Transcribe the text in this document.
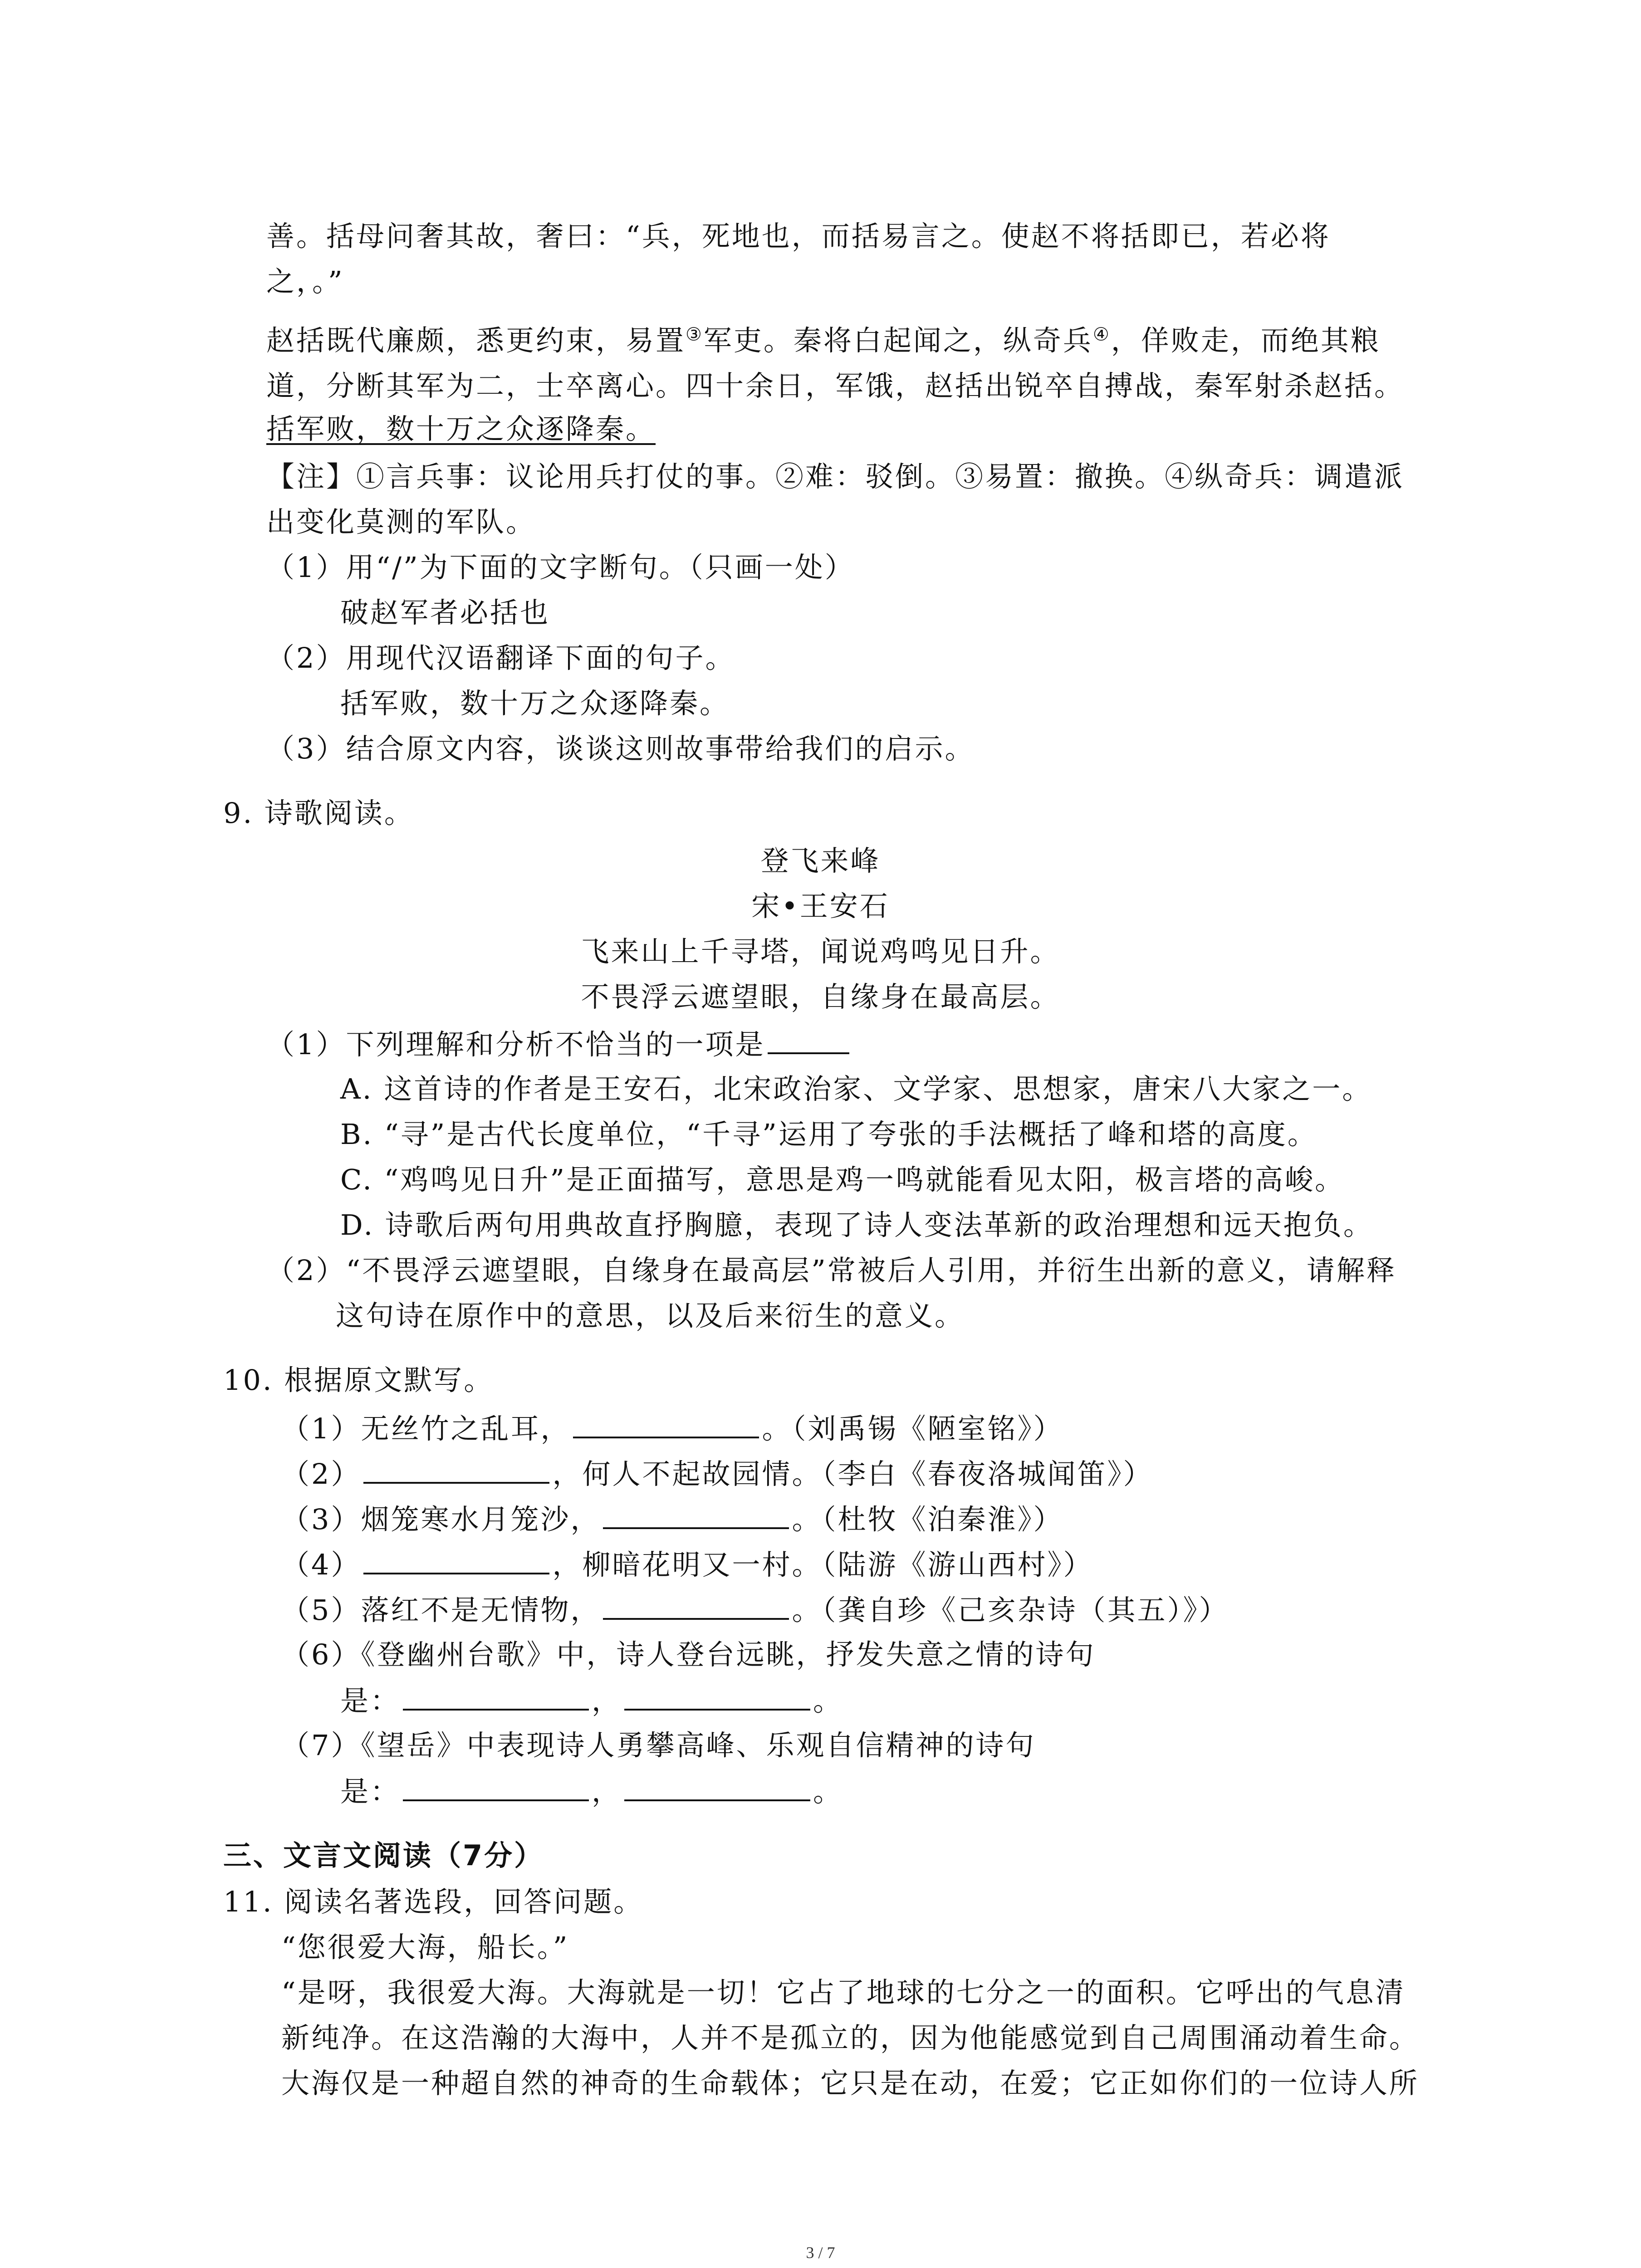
善。括母问奢其故，奢曰：“兵，死地也，而括易言之。使赵不将括即已，若必将
之，。”
赵括既代廉颇，悉更约束，易置③军吏。秦将白起闻之，纵奇兵④，佯败走，而绝其粮
道，分断其军为二，士卒离心。四十余日，军饿，赵括出锐卒自搏战，秦军射杀赵括。
括军败，数十万之众逐降秦。
【注】①言兵事：议论用兵打仗的事。②难：驳倒。③易置：撤换。④纵奇兵：调遣派
出变化莫测的军队。
（1）用“/”为下面的文字断句。（只画一处）
破赵军者必括也
（2）用现代汉语翻译下面的句子。
括军败，数十万之众逐降秦。
（3）结合原文内容，谈谈这则故事带给我们的启示。
9. 诗歌阅读。
登飞来峰
宋•王安石
飞来山上千寻塔，闻说鸡鸣见日升。
不畏浮云遮望眼，自缘身在最高层。
（1）下列理解和分析不恰当的一项是
A. 这首诗的作者是王安石，北宋政治家、文学家、思想家，唐宋八大家之一。
B. “寻”是古代长度单位，“千寻”运用了夸张的手法概括了峰和塔的高度。
C. “鸡鸣见日升”是正面描写，意思是鸡一鸣就能看见太阳，极言塔的高峻。
D. 诗歌后两句用典故直抒胸臆，表现了诗人变法革新的政治理想和远天抱负。
（2）“不畏浮云遮望眼，自缘身在最高层”常被后人引用，并衍生出新的意义，请解释
这句诗在原作中的意思，以及后来衍生的意义。
10. 根据原文默写。
（1）无丝竹之乱耳，	。（刘禹锡《陋室铭》）
（2）	，何人不起故园情。（李白《春夜洛城闻笛》）
（3）烟笼寒水月笼沙，	。（杜牧《泊秦淮》）
（4）	，柳暗花明又一村。（陆游《游山西村》）
（5）落红不是无情物，	。（龚自珍《己亥杂诗（其五）》）
（6）《登幽州台歌》中，诗人登台远眺，抒发失意之情的诗句
是：	，	。
（7）《望岳》中表现诗人勇攀高峰、乐观自信精神的诗句
是：	，	。
三、文言文阅读（7分）
11. 阅读名著选段，回答问题。
“您很爱大海，船长。”
“是呀，我很爱大海。大海就是一切！它占了地球的七分之一的面积。它呼出的气息清
新纯净。在这浩瀚的大海中，人并不是孤立的，因为他能感觉到自己周围涌动着生命。
大海仅是一种超自然的神奇的生命载体；它只是在动，在爱；它正如你们的一位诗人所
3 / 7
